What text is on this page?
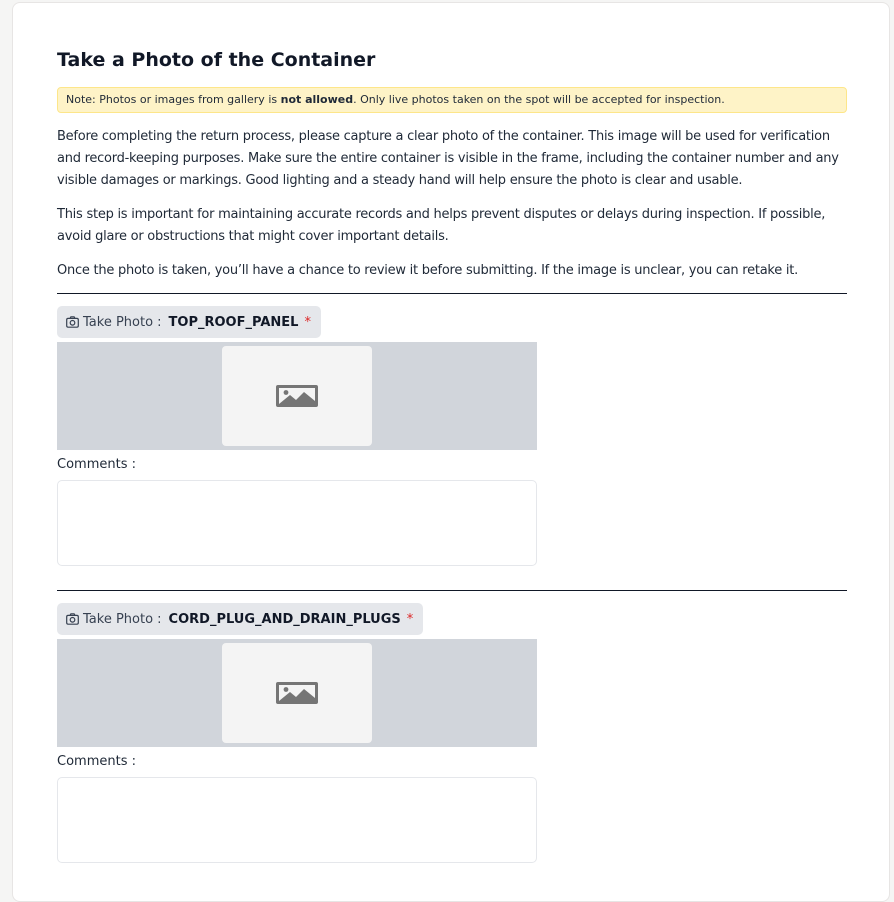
Take a Photo of the Container
Note: Photos or images from gallery is not allowed. Only live photos taken on the spot will be accepted for inspection.

Before completing the return process, please capture a clear photo of the container. This image will be used for verification and record-keeping purposes. Make sure the entire container is visible in the frame, including the container number and any visible damages or markings. Good lighting and a steady hand will help ensure the photo is clear and usable.

This step is important for maintaining accurate records and helps prevent disputes or delays during inspection. If possible, avoid glare or obstructions that might cover important details.

Once the photo is taken, you’ll have a chance to review it before submitting. If the image is unclear, you can retake it.

Take Photo : TOP_ROOF_PANEL *
Comments :
Take Photo : CORD_PLUG_AND_DRAIN_PLUGS *
Comments :
